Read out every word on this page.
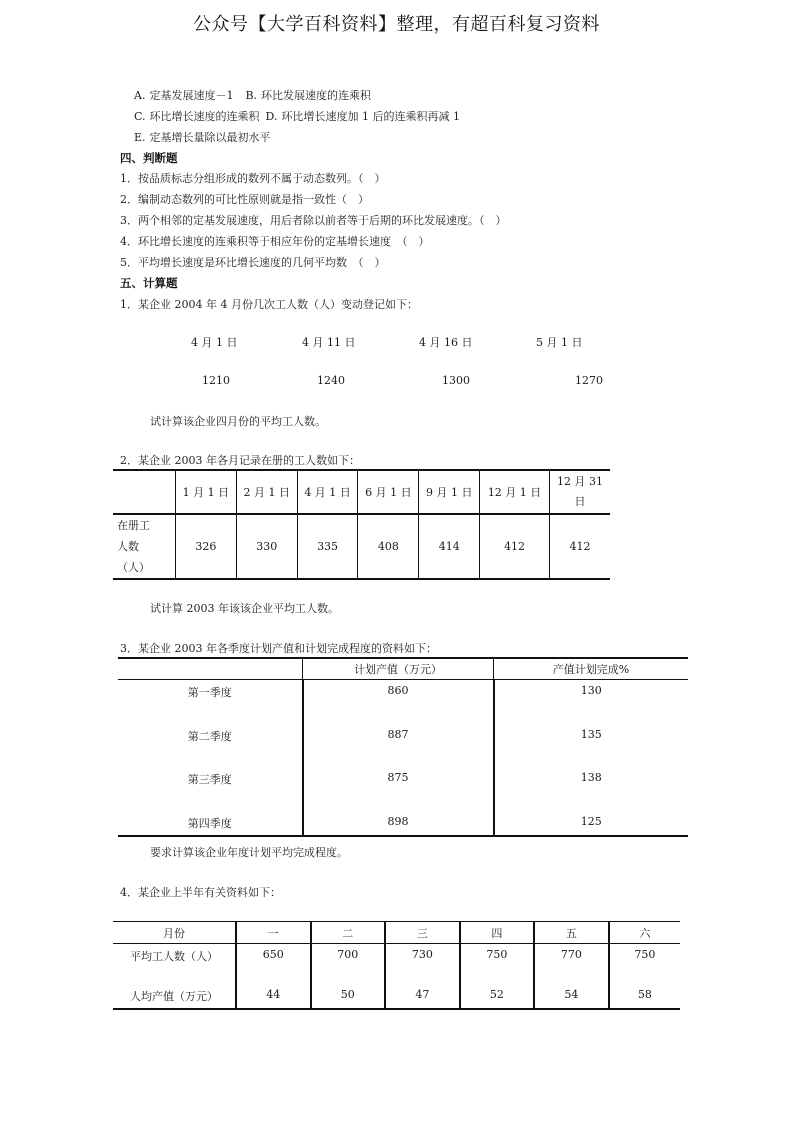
公众号【大学百科资料】整理，有超百科复习资料
A. 定基发展速度－1 B. 环比发展速度的连乘积
C. 环比增长速度的连乘积 D. 环比增长速度加 1 后的连乘积再减 1
E. 定基增长量除以最初水平
四、判断题
1．按品质标志分组形成的数列不属于动态数列。（　）
2．编制动态数列的可比性原则就是指一致性（　）
3．两个相邻的定基发展速度，用后者除以前者等于后期的环比发展速度。（　）
4．环比增长速度的连乘积等于相应年份的定基增长速度　（　）
5．平均增长速度是环比增长速度的几何平均数　（　）
五、计算题
1．某企业 2004 年 4 月份几次工人数（人）变动登记如下：
4 月 1 日	4 月 11 日	4 月 16 日	5 月 1 日
1210	1240	1300	1270
试计算该企业四月份的平均工人数。
2．某企业 2003 年各月记录在册的工人数如下：
	1 月 1 日	2 月 1 日	4 月 1 日	6 月 1 日	9 月 1 日	12 月 1 日	12 月 31 日

在册工
人数
（人）	326	330	335	408	414	412	412
试计算 2003 年该该企业平均工人数。
3．某企业 2003 年各季度计划产值和计划完成程度的资料如下：
	计划产值（万元）	产值计划完成%
第一季度	860	130
第二季度	887	135
第三季度	875	138
第四季度	898	125
要求计算该企业年度计划平均完成程度。
4．某企业上半年有关资料如下：
月份	一	二	三	四	五	六
平均工人数（人）	650	700	730	750	770	750
人均产值（万元）	44	50	47	52	54	58
